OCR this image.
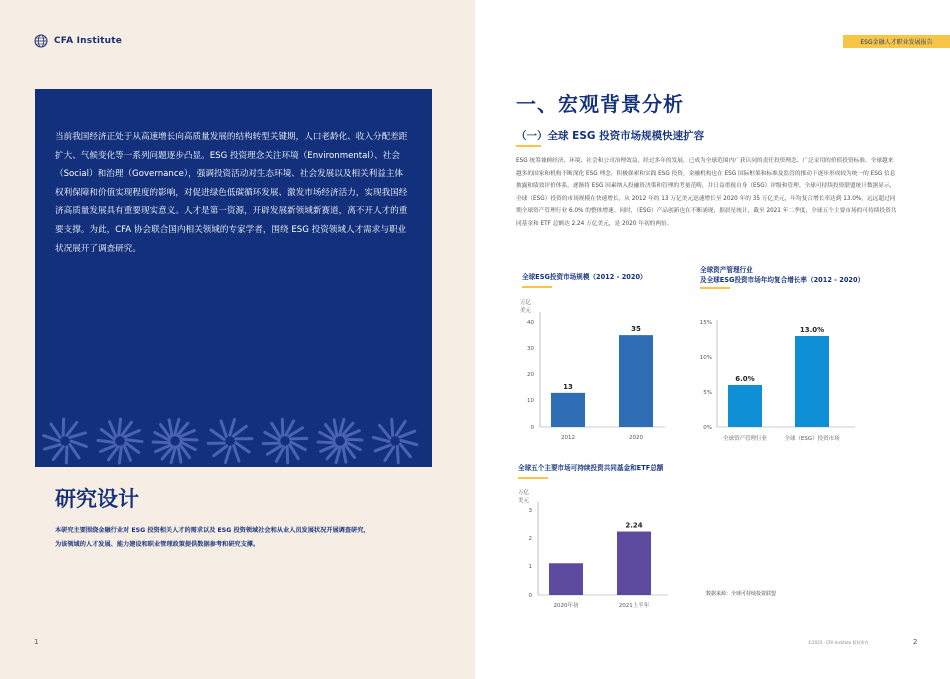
CFA Institute

当前我国经济正处于从高速增长向高质量发展的结构转型关键期，人口老龄化、收入分配差距扩大、气候变化等一系列问题逐步凸显。ESG 投资理念关注环境（Environmental）、社会（Social）和治理（Governance），强调投资活动对生态环境、社会发展以及相关利益主体权利保障和价值实现程度的影响，对促进绿色低碳循环发展、激发市场经济活力，实现我国经济高质量发展具有重要现实意义。人才是第一资源，开辟发展新领域新赛道，离不开人才的重要支撑。为此，CFA 协会联合国内相关领域的专家学者，围绕 ESG 投资领域人才需求与职业状况展开了调查研究。

研究设计

本研究主要围绕金融行业对 ESG 投资相关人才的需求以及 ESG 投资领域社会和从业人员发展状况开展调查研究，为该领域的人才发展、能力建设和职业管理政策提供数据参考和研究支撑。

1
ESG金融人才职业发展报告
一、宏观背景分析
（一）全球 ESG 投资市场规模快速扩容

ESG 统筹兼顾经济、环境、社会和公司治理效益，经过多年的发展，已成为全球范围内广获认同的责任投资理念、广泛采用的价值投资标准。全球越来越多的国家和机构不断深化 ESG 理念，积极探索和实践 ESG 投资，金融机构也在 ESG 国际框架和标准及监管的推动下逐步形成较为统一的 ESG 信息披露和绩效评价体系，逐渐将 ESG 因素纳入投融资决策和管理的考量范畴，并日益重视自身（ESG）评级和管理。全球可持续投资联盟统计数据显示，全球（ESG）投资的市场规模在快速增长，从 2012 年的 13 万亿美元迅速增长至 2020 年的 35 万亿美元，年均复合增长率达到 13.0%，远远超过同期全球资产管理行业 6.0% 的整体增速。同时，（ESG）产品创新也在不断涌现，据晨星统计，截至 2021 年二季度，全球五个主要市场的可持续投资共同基金和 ETF 总额达 2.24 万亿美元，是 2020 年初的两倍。

全球ESG投资市场规模（2012 - 2020）

万亿
美元
40
30
20
10
0
13
35
2012	2020

全球资产管理行业
及全球ESG投资市场年均复合增长率（2012 - 2020）

15%
10%
5%
0%
6.0%
13.0%
全球资产管理行业	全球（ESG）投资市场

全球五个主要市场可持续投资共同基金和ETF总额

万亿
美元
3
2
1
0
2.24
2020年初	2021上半年
数据来源：全球可持续投资联盟
©2023 · CFA Institute 版权所有	2
